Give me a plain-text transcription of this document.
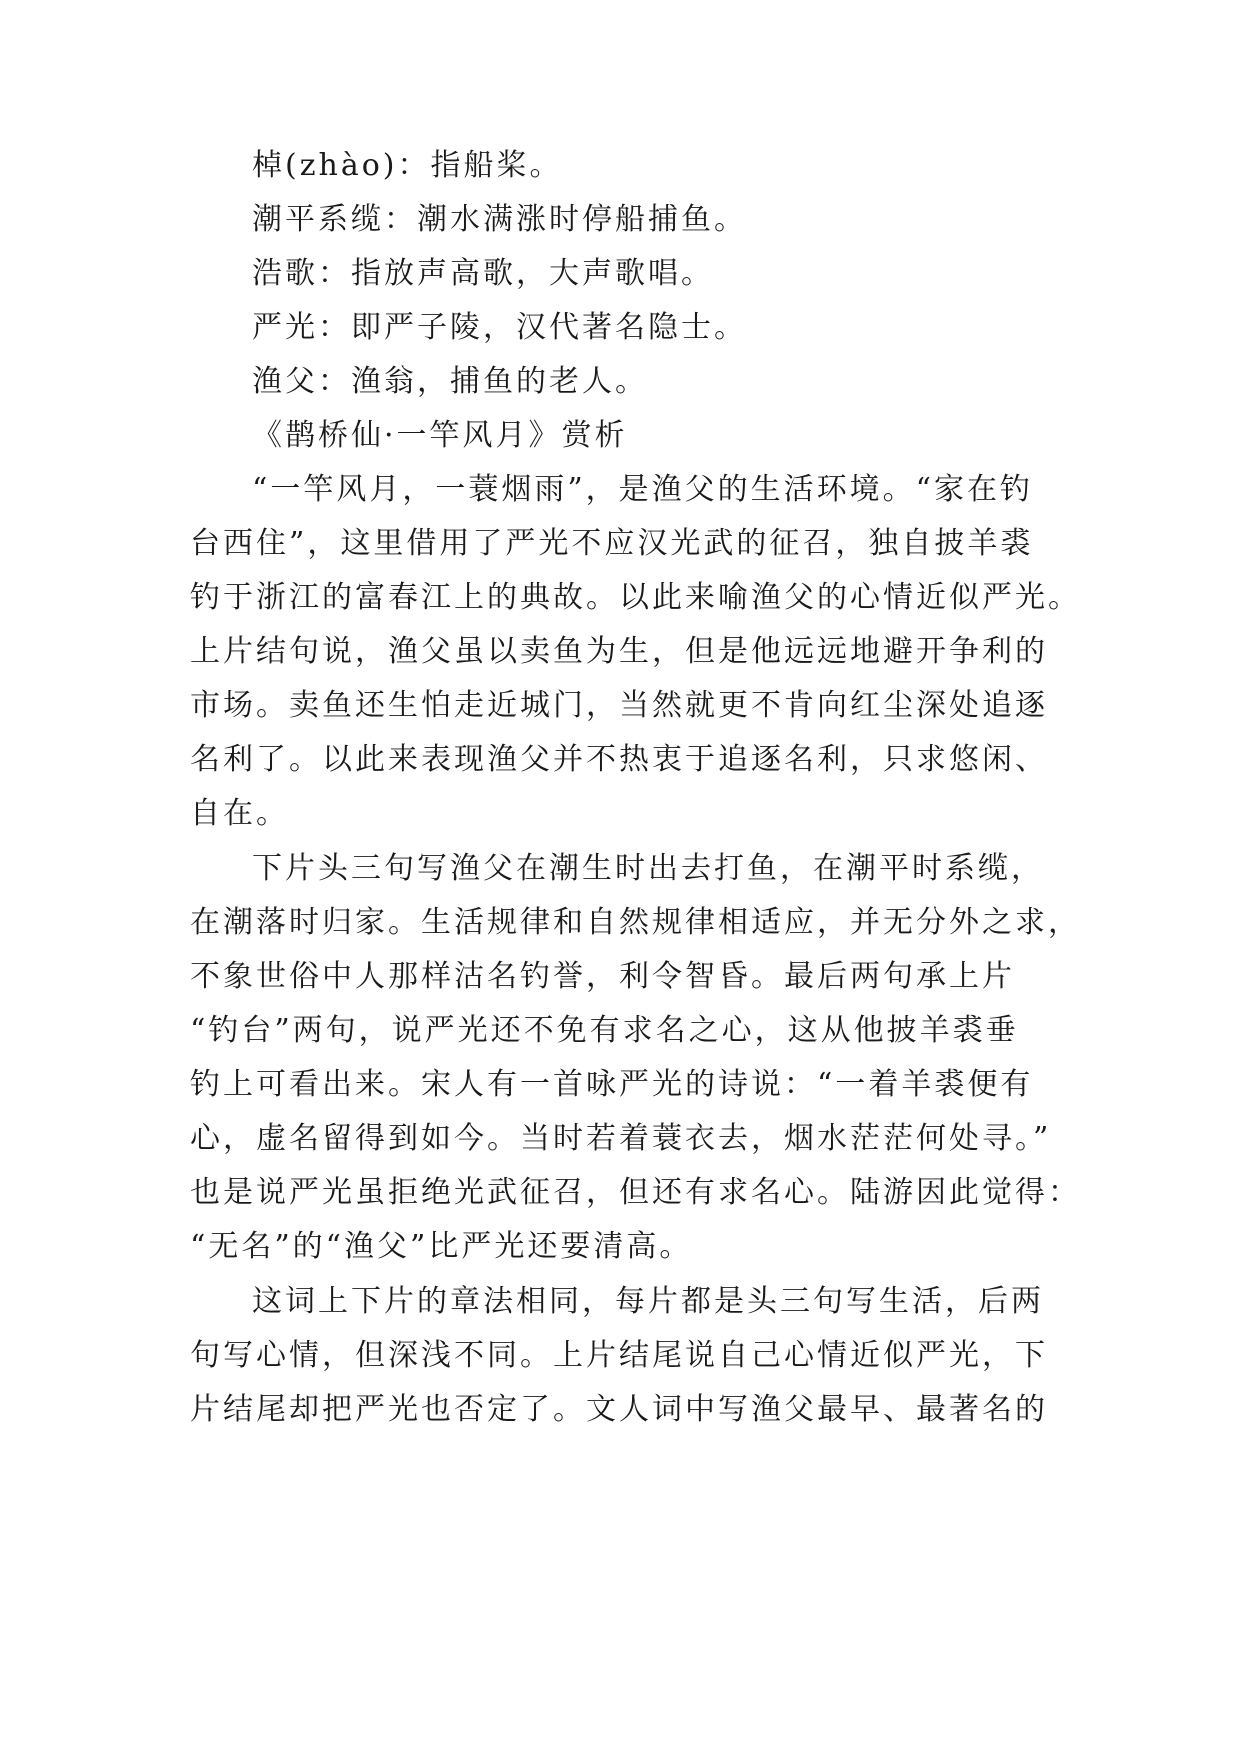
棹(zhào)：指船桨。
潮平系缆：潮水满涨时停船捕鱼。
浩歌：指放声高歌，大声歌唱。
严光：即严子陵，汉代著名隐士。
渔父：渔翁，捕鱼的老人。
《鹊桥仙·一竿风月》赏析
“一竿风月，一蓑烟雨”，是渔父的生活环境。“家在钓
台西住”，这里借用了严光不应汉光武的征召，独自披羊裘
钓于浙江的富春江上的典故。以此来喻渔父的心情近似严光。
上片结句说，渔父虽以卖鱼为生，但是他远远地避开争利的
市场。卖鱼还生怕走近城门，当然就更不肯向红尘深处追逐
名利了。以此来表现渔父并不热衷于追逐名利，只求悠闲、
自在。
下片头三句写渔父在潮生时出去打鱼，在潮平时系缆，
在潮落时归家。生活规律和自然规律相适应，并无分外之求，
不象世俗中人那样沽名钓誉，利令智昏。最后两句承上片
“钓台”两句，说严光还不免有求名之心，这从他披羊裘垂
钓上可看出来。宋人有一首咏严光的诗说：“一着羊裘便有
心，虚名留得到如今。当时若着蓑衣去，烟水茫茫何处寻。”
也是说严光虽拒绝光武征召，但还有求名心。陆游因此觉得：
“无名”的“渔父”比严光还要清高。
这词上下片的章法相同，每片都是头三句写生活，后两
句写心情，但深浅不同。上片结尾说自己心情近似严光，下
片结尾却把严光也否定了。文人词中写渔父最早、最著名的
